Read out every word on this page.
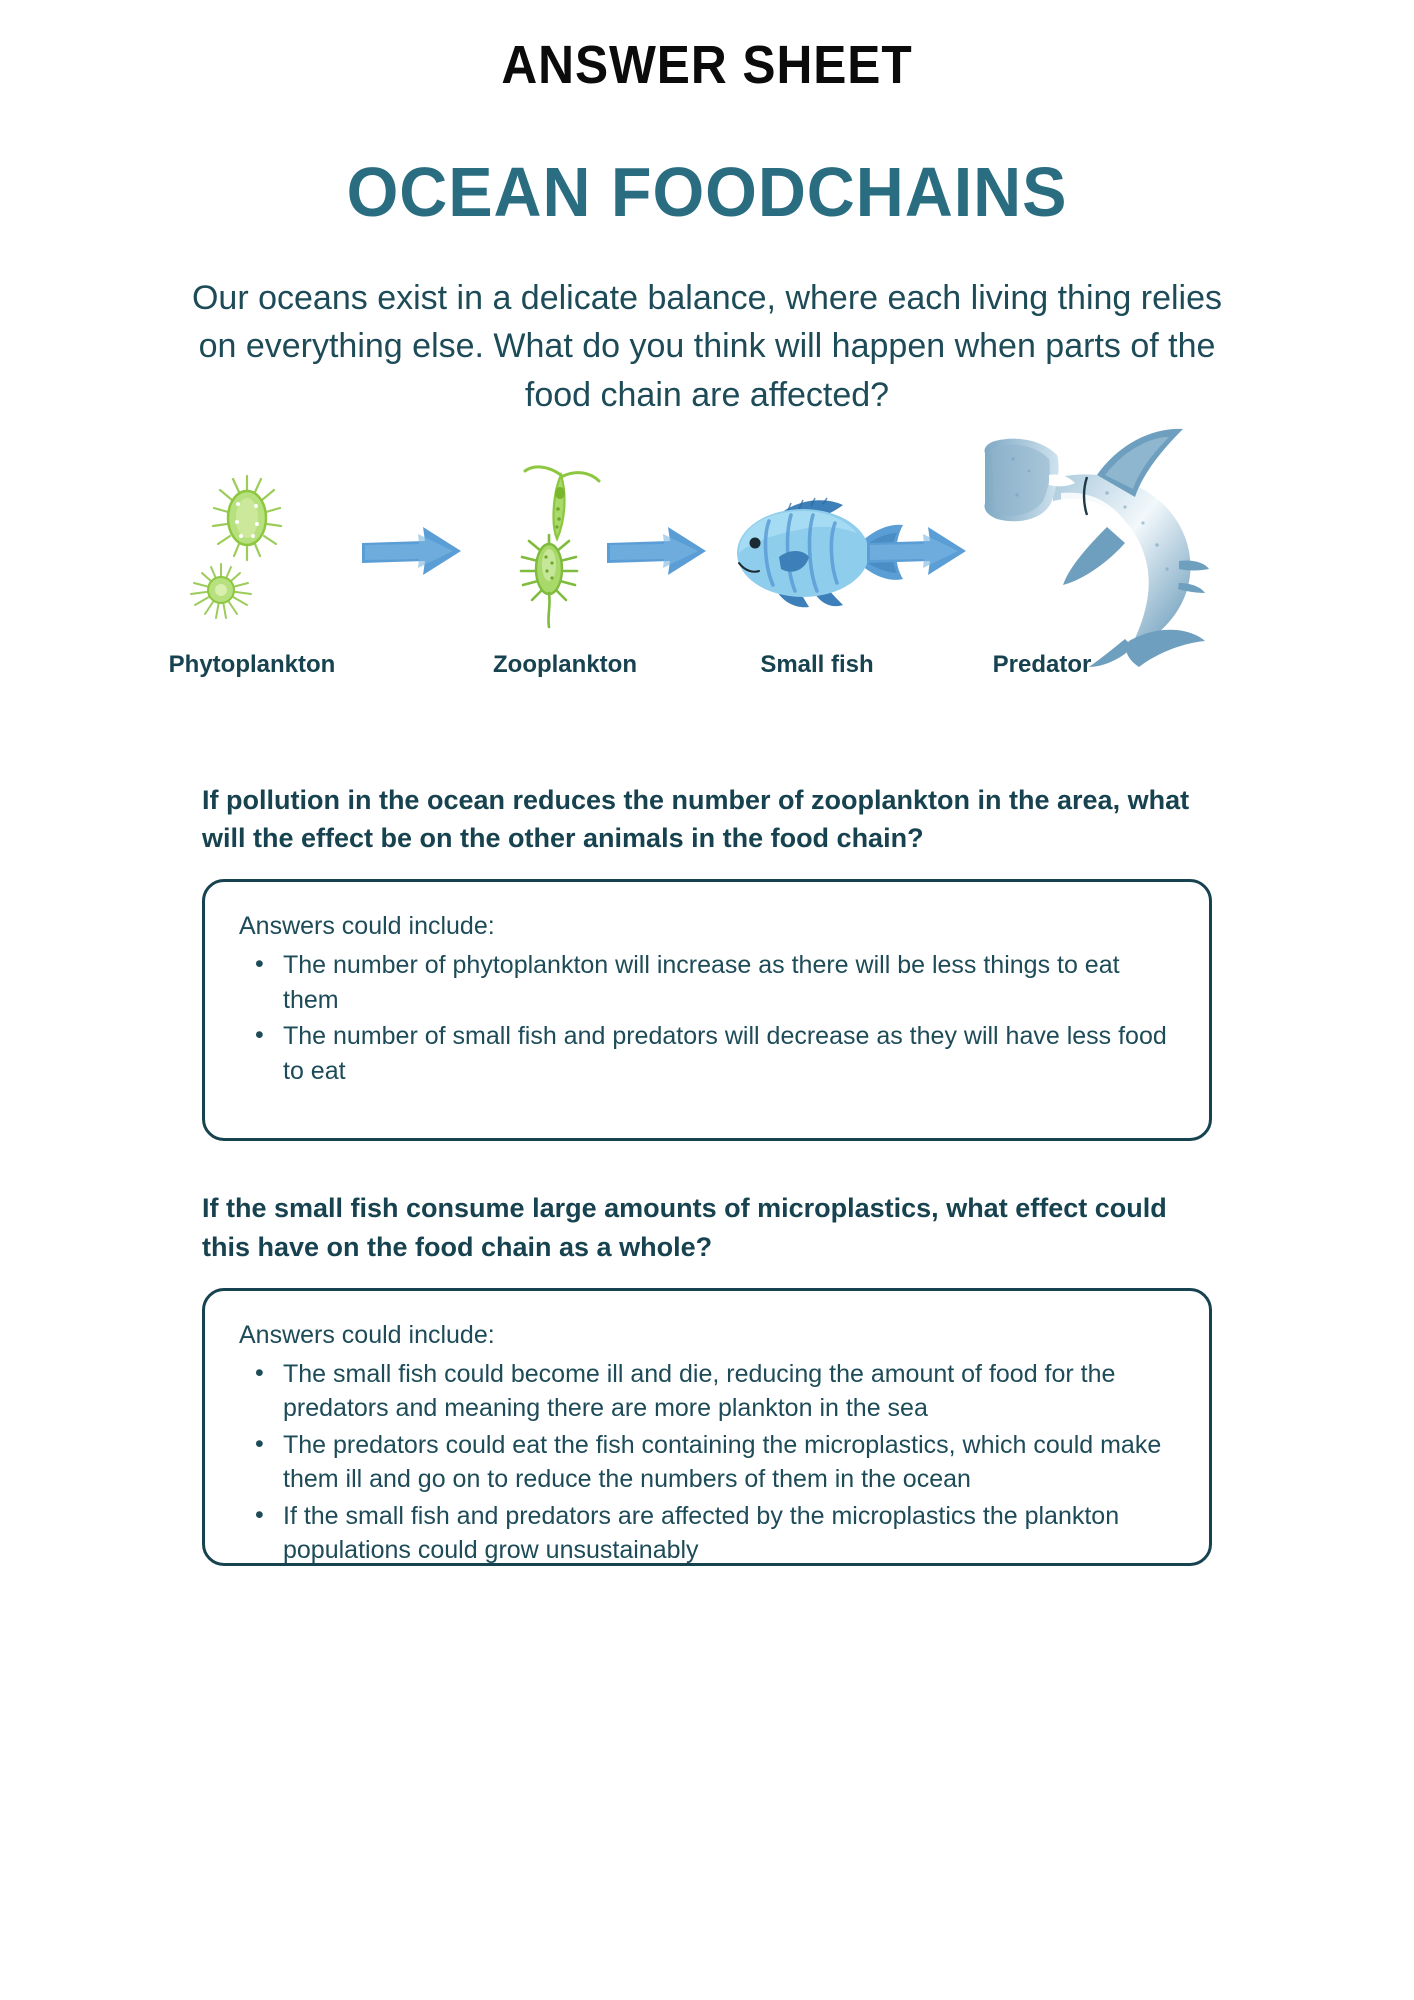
ANSWER SHEET
OCEAN FOODCHAINS

Our oceans exist in a delicate balance, where each living thing relies on everything else. What do you think will happen when parts of the food chain are affected?

Phytoplankton	Zooplankton	Small fish	Predator
If pollution in the ocean reduces the number of zooplankton in the area, what will the effect be on the other animals in the food chain?

Answers could include:

• The number of phytoplankton will increase as there will be less things to eat them
• The number of small fish and predators will decrease as they will have less food to eat
If the small fish consume large amounts of microplastics, what effect could this have on the food chain as a whole?

Answers could include:

• The small fish could become ill and die, reducing the amount of food for the predators and meaning there are more plankton in the sea
• The predators could eat the fish containing the microplastics, which could make them ill and go on to reduce the numbers of them in the ocean
• If the small fish and predators are affected by the microplastics the plankton populations could grow unsustainably
